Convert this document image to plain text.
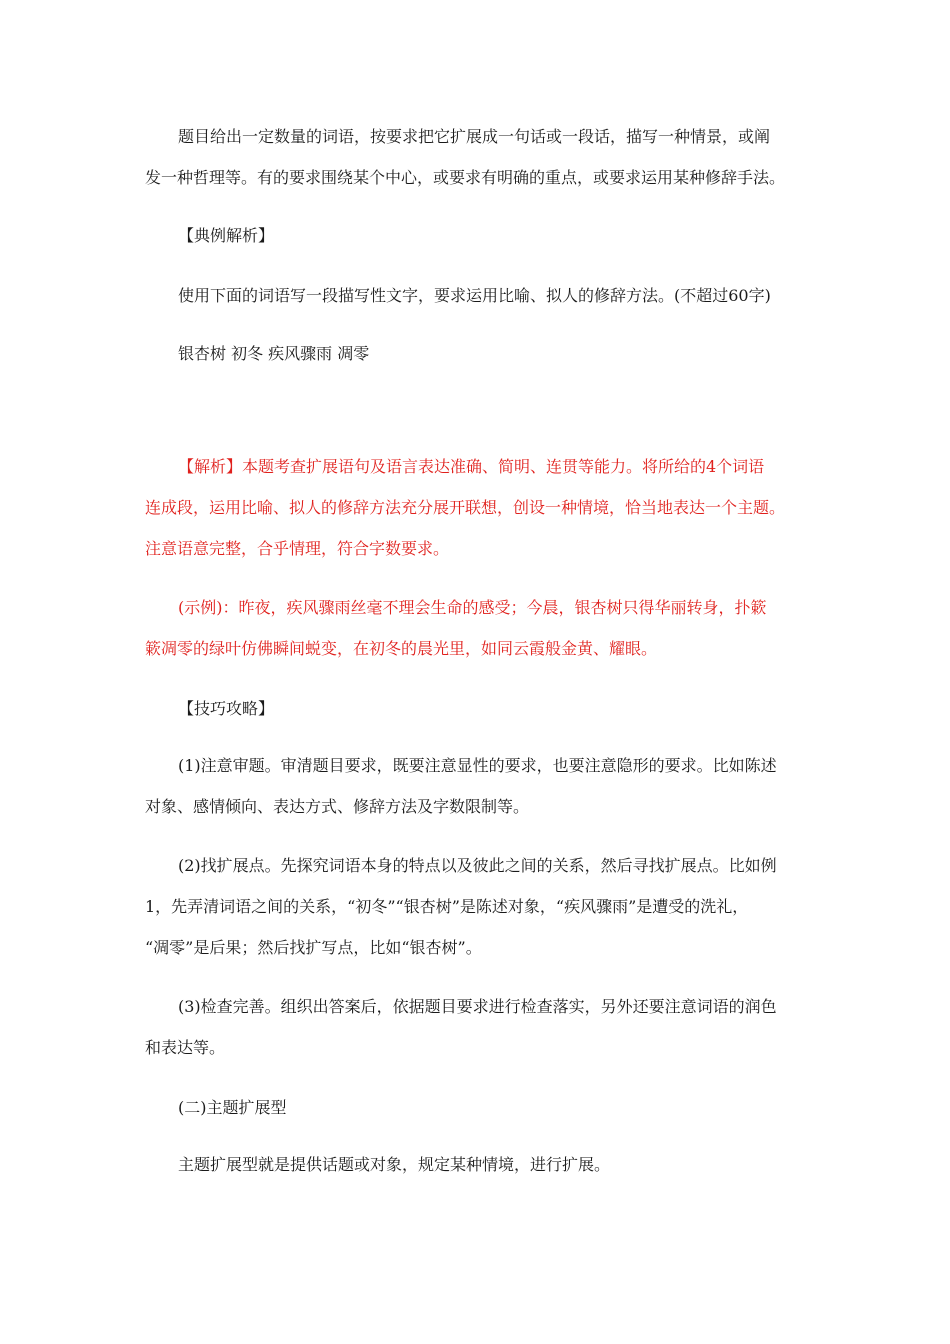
题目给出一定数量的词语，按要求把它扩展成一句话或一段话，描写一种情景，或阐
发一种哲理等。有的要求围绕某个中心，或要求有明确的重点，或要求运用某种修辞手法。

【典例解析】

使用下面的词语写一段描写性文字，要求运用比喻、拟人的修辞方法。(不超过60字)

银杏树 初冬 疾风骤雨 凋零

【解析】本题考查扩展语句及语言表达准确、简明、连贯等能力。将所给的4个词语
连成段，运用比喻、拟人的修辞方法充分展开联想，创设一种情境，恰当地表达一个主题。
注意语意完整，合乎情理，符合字数要求。

(示例)：昨夜，疾风骤雨丝毫不理会生命的感受；今晨，银杏树只得华丽转身，扑簌
簌凋零的绿叶仿佛瞬间蜕变，在初冬的晨光里，如同云霞般金黄、耀眼。

【技巧攻略】

(1)注意审题。审清题目要求，既要注意显性的要求，也要注意隐形的要求。比如陈述
对象、感情倾向、表达方式、修辞方法及字数限制等。

(2)找扩展点。先探究词语本身的特点以及彼此之间的关系，然后寻找扩展点。比如例
1，先弄清词语之间的关系，“初冬”“银杏树”是陈述对象，“疾风骤雨”是遭受的洗礼，
“凋零”是后果；然后找扩写点，比如“银杏树”。

(3)检查完善。组织出答案后，依据题目要求进行检查落实，另外还要注意词语的润色
和表达等。

(二)主题扩展型

主题扩展型就是提供话题或对象，规定某种情境，进行扩展。
